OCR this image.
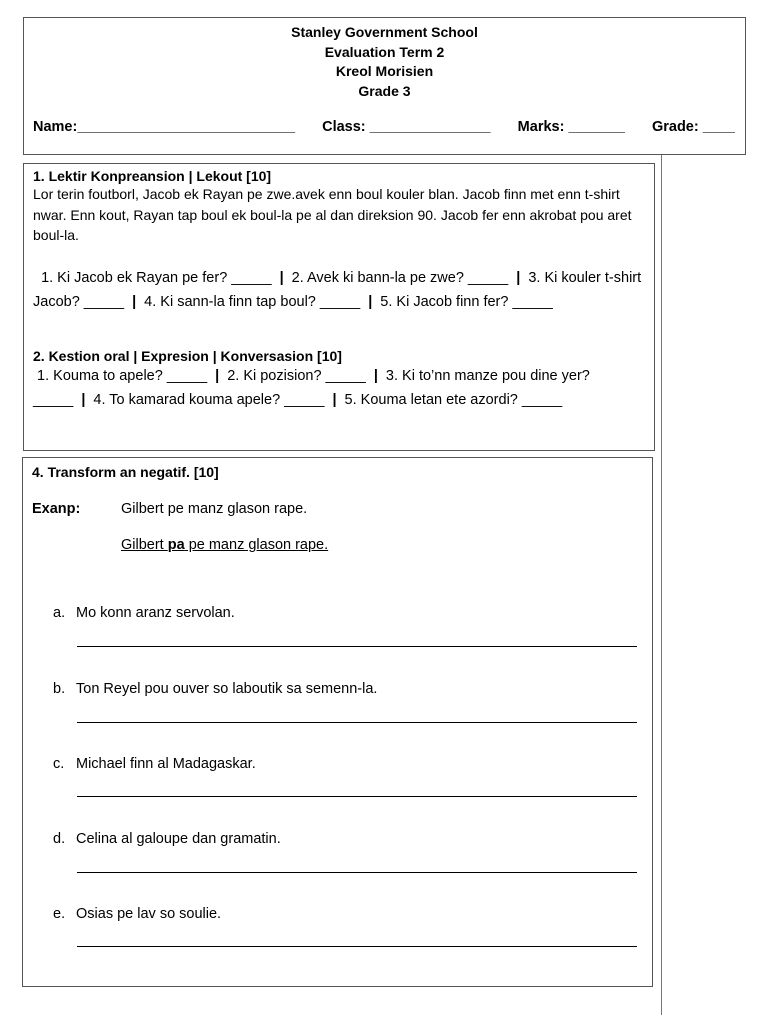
Stanley Government School
Evaluation Term 2
Kreol Morisien
Grade 3
Name:___________________________ Class: _______________ Marks: _______ Grade: ____
1. Lektir Konpreansion | Lekout [10]
Lor terin foutborl, Jacob ek Rayan pe zwe.avek enn boul kouler blan. Jacob finn met enn t-shirt nwar. Enn kout, Rayan tap boul ek boul-la pe al dan direksion 90. Jacob fer enn akrobat pou aret boul-la.
1. Ki Jacob ek Rayan pe fer? _____ | 2. Avek ki bann-la pe zwe? _____ | 3. Ki kouler t-shirt Jacob? _____ | 4. Ki sann-la finn tap boul? _____ | 5. Ki Jacob finn fer? _____
2. Kestion oral | Expresion | Konversasion [10]
1. Kouma to apele? _____ | 2. Ki pozision? _____ | 3. Ki to’nn manze pou dine yer? _____ | 4. To kamarad kouma apele? _____ | 5. Kouma letan ete azordi? _____
4. Transform an negatif. [10]
Exanp:	Gilbert pe manz glason rape.
Gilbert pa pe manz glason rape.
a. Mo konn aranz servolan.
b. Ton Reyel pou ouver so laboutik sa semenn-la.
c. Michael finn al Madagaskar.
d. Celina al galoupe dan gramatin.
e. Osias pe lav so soulie.
